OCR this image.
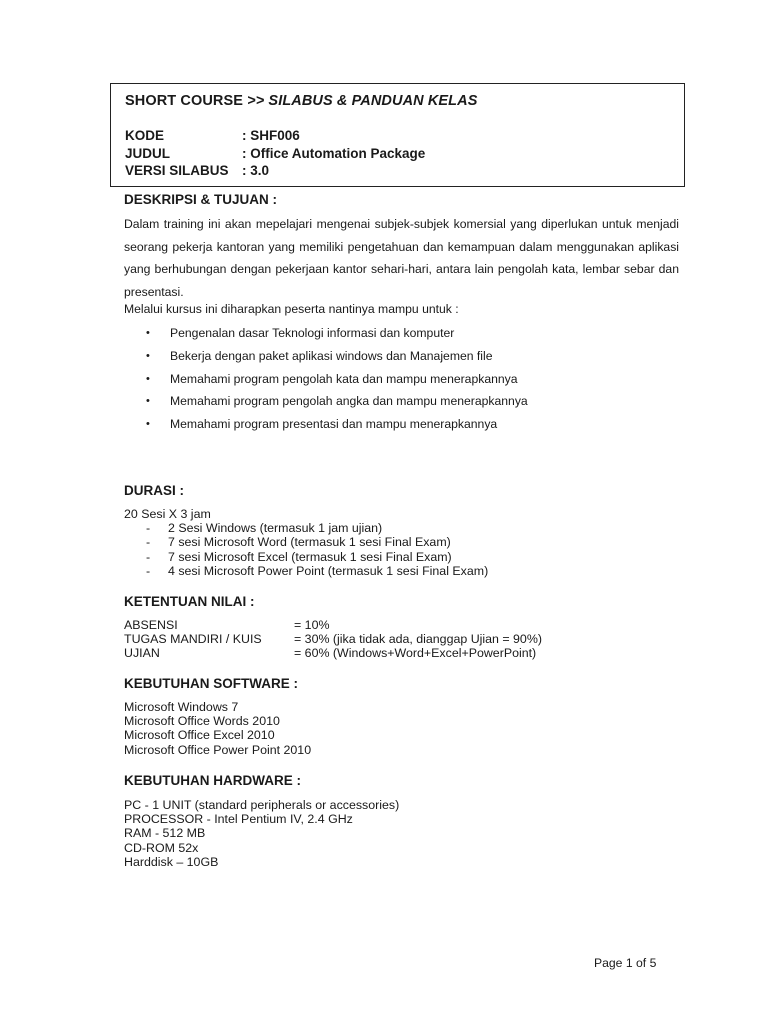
SHORT COURSE >> SILABUS & PANDUAN KELAS
KODE	: SHF006
JUDUL	: Office Automation Package
VERSI SILABUS : 3.0
DESKRIPSI & TUJUAN :
Dalam training ini akan mepelajari mengenai subjek-subjek komersial yang diperlukan untuk menjadi seorang pekerja kantoran yang memiliki pengetahuan dan kemampuan dalam menggunakan aplikasi yang berhubungan dengan pekerjaan kantor sehari-hari, antara lain pengolah kata, lembar sebar dan presentasi.
Melalui kursus ini diharapkan peserta nantinya mampu untuk :
•	Pengenalan dasar Teknologi informasi dan komputer
•	Bekerja dengan paket aplikasi windows dan Manajemen file
•	Memahami program pengolah kata dan mampu menerapkannya
•	Memahami program pengolah angka dan mampu menerapkannya
•	Memahami program presentasi dan mampu menerapkannya
DURASI :
20 Sesi X 3 jam
-	2 Sesi Windows (termasuk 1 jam ujian)
-	7 sesi Microsoft Word (termasuk 1 sesi Final Exam)
-	7 sesi Microsoft Excel (termasuk 1 sesi Final Exam)
-	4 sesi Microsoft Power Point (termasuk 1 sesi Final Exam)
KETENTUAN NILAI :
ABSENSI	= 10%
TUGAS MANDIRI / KUIS	= 30% (jika tidak ada, dianggap Ujian = 90%)
UJIAN	= 60% (Windows+Word+Excel+PowerPoint)
KEBUTUHAN SOFTWARE :
Microsoft Windows 7
Microsoft Office Words 2010
Microsoft Office Excel 2010
Microsoft Office Power Point 2010
KEBUTUHAN HARDWARE :
PC - 1 UNIT (standard peripherals or accessories)
PROCESSOR - Intel Pentium IV, 2.4 GHz
RAM - 512 MB
CD-ROM 52x
Harddisk – 10GB
Page 1 of 5
